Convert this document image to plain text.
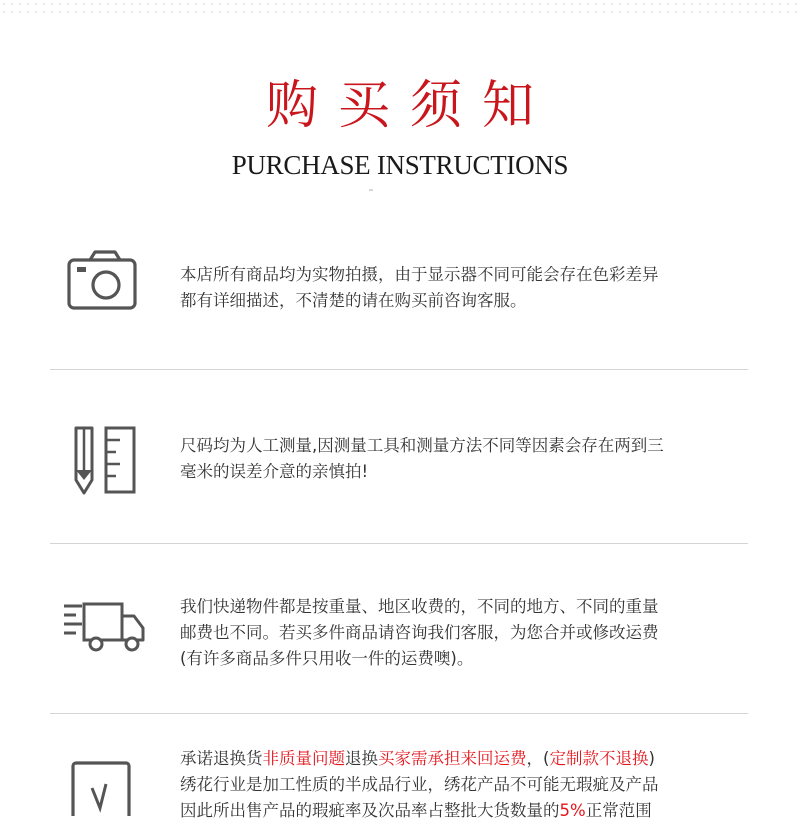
购买须知
PURCHASE INSTRUCTIONS
本店所有商品均为实物拍摄，由于显示器不同可能会存在色彩差异
都有详细描述，不清楚的请在购买前咨询客服。
尺码均为人工测量,因测量工具和测量方法不同等因素会存在两到三
毫米的误差介意的亲慎拍!
我们快递物件都是按重量、地区收费的，不同的地方、不同的重量
邮费也不同。若买多件商品请咨询我们客服，为您合并或修改运费
(有许多商品多件只用收一件的运费噢)。
承诺退换货非质量问题退换买家需承担来回运费，(定制款不退换)
绣花行业是加工性质的半成品行业，绣花产品不可能无瑕疵及产品
因此所出售产品的瑕疵率及次品率占整批大货数量的5%正常范围
